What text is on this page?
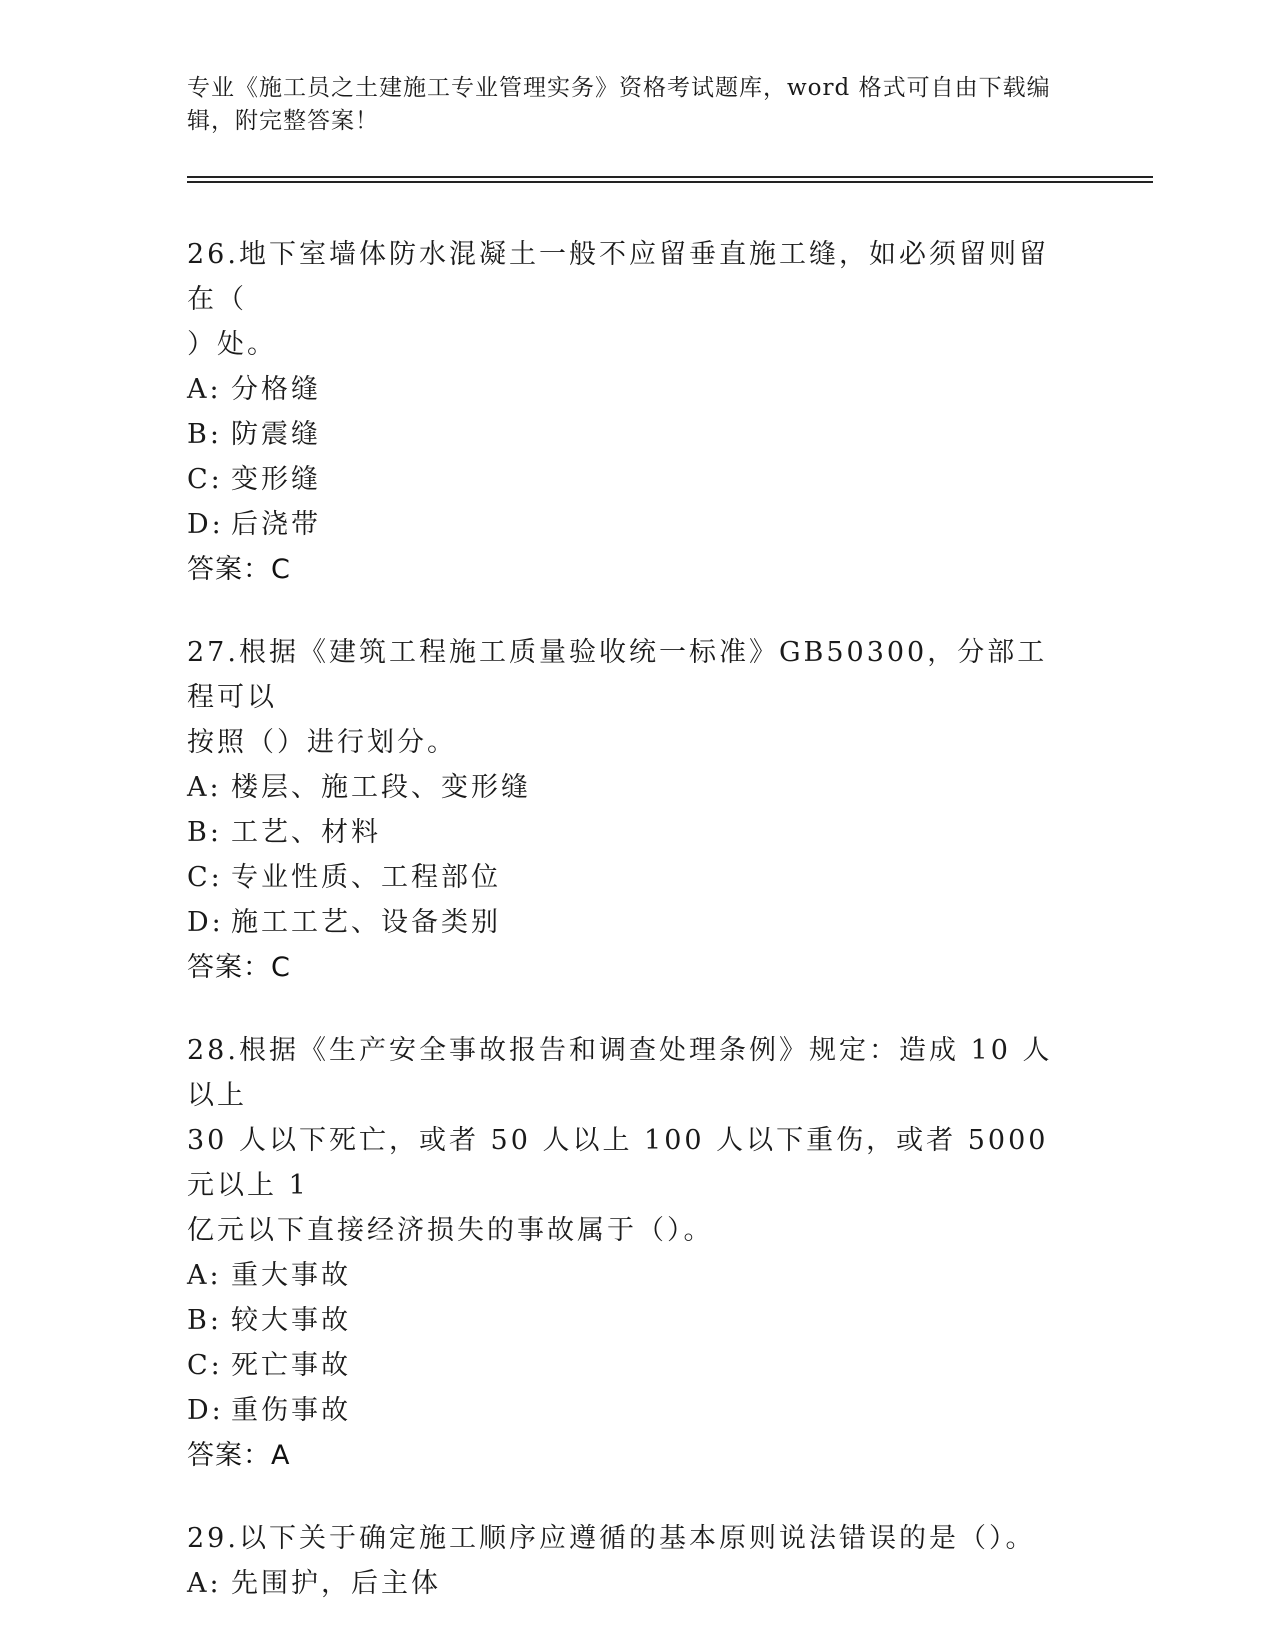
专业《施工员之土建施工专业管理实务》资格考试题库，word 格式可自由下载编
辑，附完整答案！
26.地下室墙体防水混凝土一般不应留垂直施工缝，如必须留则留在（
）处。
A: 分格缝
B: 防震缝
C: 变形缝
D: 后浇带
答案：C
27.根据《建筑工程施工质量验收统一标准》GB50300，分部工程可以
按照（）进行划分。
A: 楼层、施工段、变形缝
B: 工艺、材料
C: 专业性质、工程部位
D: 施工工艺、设备类别
答案：C
28.根据《生产安全事故报告和调查处理条例》规定：造成 10 人以上
30 人以下死亡，或者 50 人以上 100 人以下重伤，或者 5000 元以上 1
亿元以下直接经济损失的事故属于（）。
A: 重大事故
B: 较大事故
C: 死亡事故
D: 重伤事故
答案：A
29.以下关于确定施工顺序应遵循的基本原则说法错误的是（）。
A: 先围护，后主体
